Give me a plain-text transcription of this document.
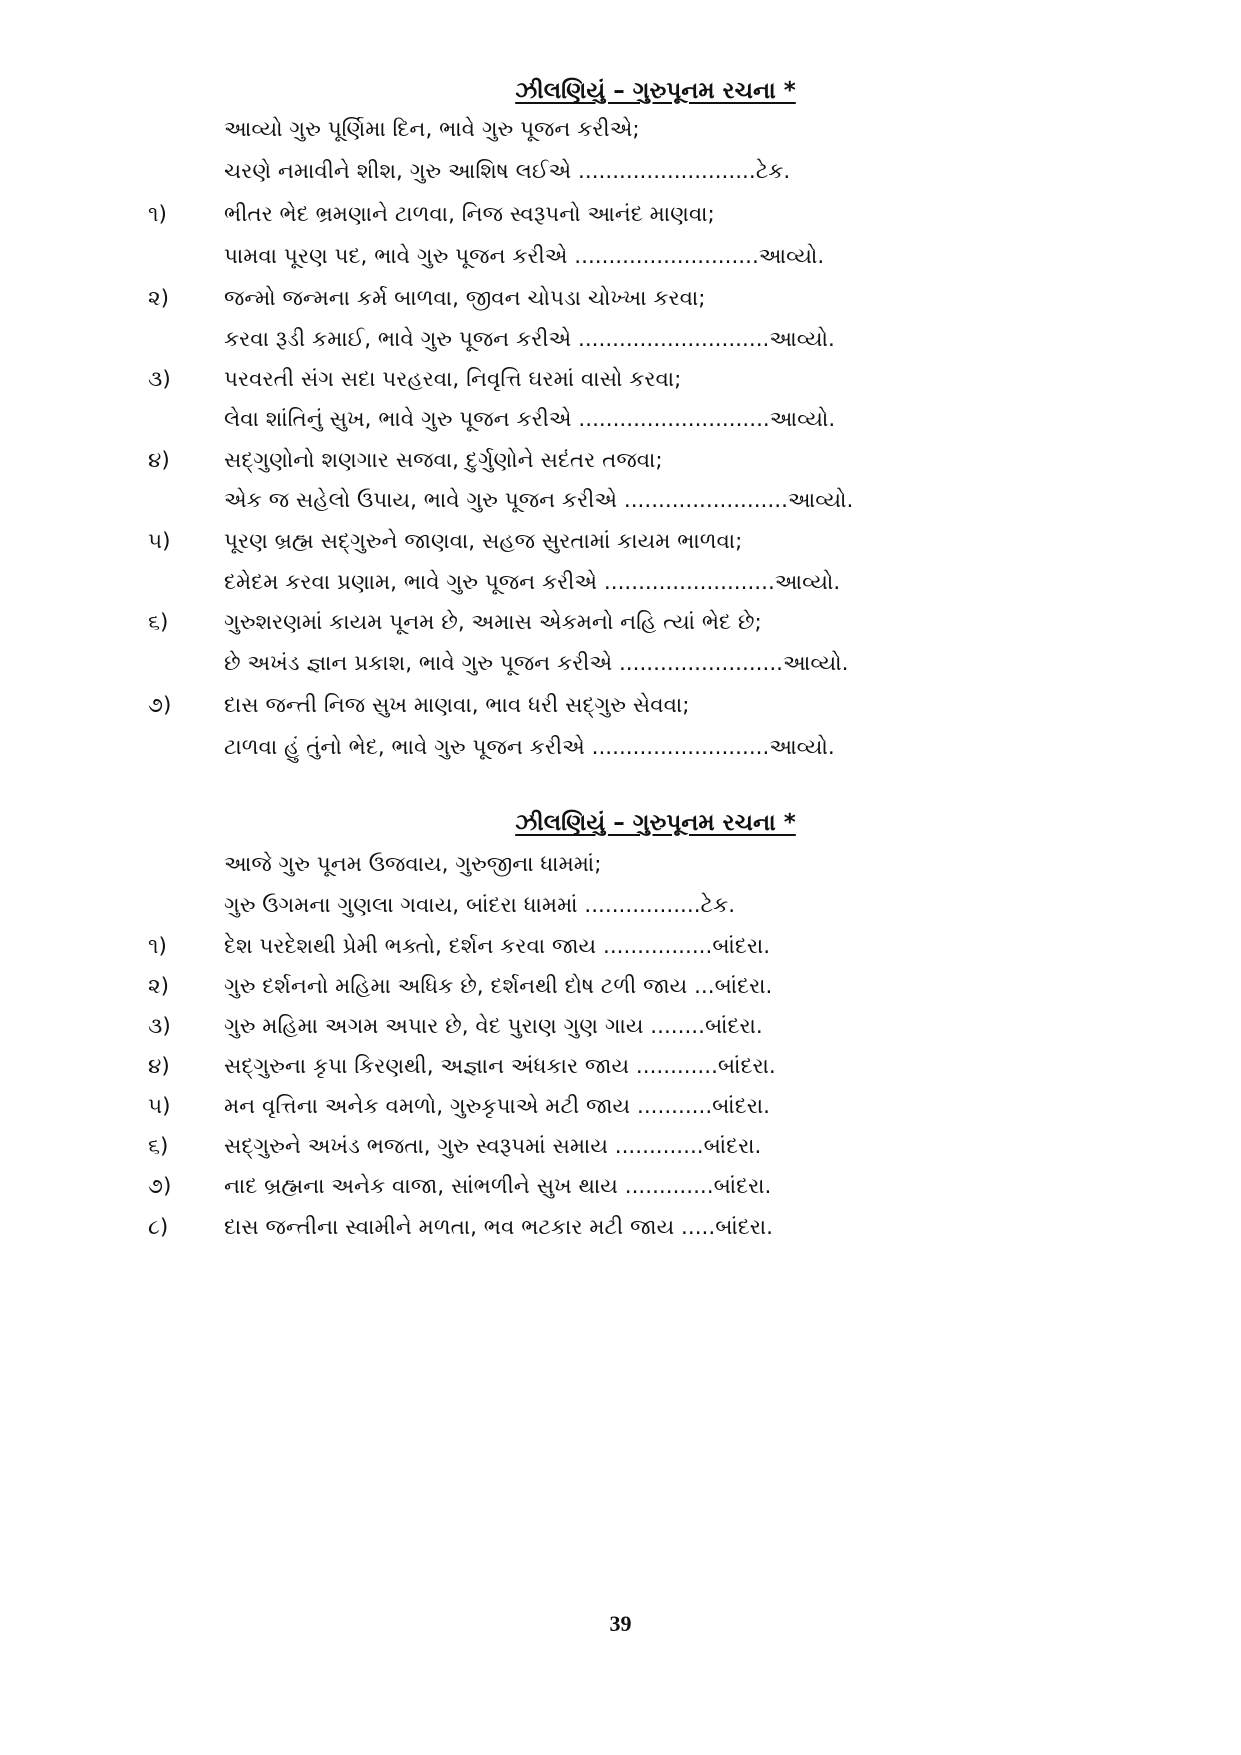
ઝીલણિયું – ગુરુપૂનમ રચના *
આવ્યો ગુરુ પૂર્ણિમા દિન, ભાવે ગુરુ પૂજન કરીએ;
ચરણે નમાવીને શીશ, ગુરુ આશિષ લઈએ ..........................ટેક.
૧)	ભીતર ભેદ ભ્રમણાને ટાળવા, નિજ સ્વરૂપનો આનંદ માણવા;
પામવા પૂરણ પદ, ભાવે ગુરુ પૂજન કરીએ ...........................આવ્યો.
૨)	જન્મો જન્મના કર્મ બાળવા, જીવન ચોપડા ચોખ્ખા કરવા;
કરવા રૂડી કમાઈ, ભાવે ગુરુ પૂજન કરીએ ............................આવ્યો.
૩) પરવરતી સંગ સદા પરહરવા, નિવૃત્તિ ઘરમાં વાસો કરવા;
લેવા શાંતિનું સુખ, ભાવે ગુરુ પૂજન કરીએ ............................આવ્યો.
૪)	સદ્‌ગુણોનો શણગાર સજવા, દુર્ગુણોને સદંતર તજવા;
એક જ સહેલો ઉપાય, ભાવે ગુરુ પૂજન કરીએ ........................આવ્યો.
૫) પૂરણ બ્રહ્મ સદ્‌ગુરુને જાણવા, સહજ સુરતામાં કાયમ ભાળવા;
દમેદમ કરવા પ્રણામ, ભાવે ગુરુ પૂજન કરીએ .........................આવ્યો.
૬)	ગુરુશરણમાં કાયમ પૂનમ છે, અમાસ એકમનો નહિ ત્યાં ભેદ છે;
છે અખંડ જ્ઞાન પ્રકાશ, ભાવે ગુરુ પૂજન કરીએ ........................આવ્યો.
૭) દાસ જન્તી નિજ સુખ માણવા, ભાવ ધરી સદ્‌ગુરુ સેવવા;
ટાળવા હું તુંનો ભેદ, ભાવે ગુરુ પૂજન કરીએ ..........................આવ્યો.
ઝીલણિયું – ગુરુપૂનમ રચના *
આજે ગુરુ પૂનમ ઉજવાય, ગુરુજીના ધામમાં;
ગુરુ ઉગમના ગુણલા ગવાય, બાંદરા ધામમાં .................ટેક.
૧)	દેશ પરદેશથી પ્રેમી ભક્તો, દર્શન કરવા જાય ................બાંદરા.
૨)	ગુરુ દર્શનનો મહિમા અધિક છે, દર્શનથી દોષ ટળી જાય ...બાંદરા.
૩) ગુરુ મહિમા અગમ અપાર છે, વેદ પુરાણ ગુણ ગાય ........બાંદરા.
૪)	સદ્‌ગુરુના કૃપા કિરણથી, અજ્ઞાન અંધકાર જાય ............બાંદરા.
૫) મન વૃત્તિના અનેક વમળો, ગુરુકૃપાએ મટી જાય ...........બાંદરા.
૬)	સદ્‌ગુરુને અખંડ ભજતા, ગુરુ સ્વરૂપમાં સમાય .............બાંદરા.
૭) નાદ બ્રહ્મના અનેક વાજા, સાંભળીને સુખ થાય .............બાંદરા.
૮)	દાસ જન્તીના સ્વામીને મળતા, ભવ ભટકાર મટી જાય .....બાંદરા.
39
